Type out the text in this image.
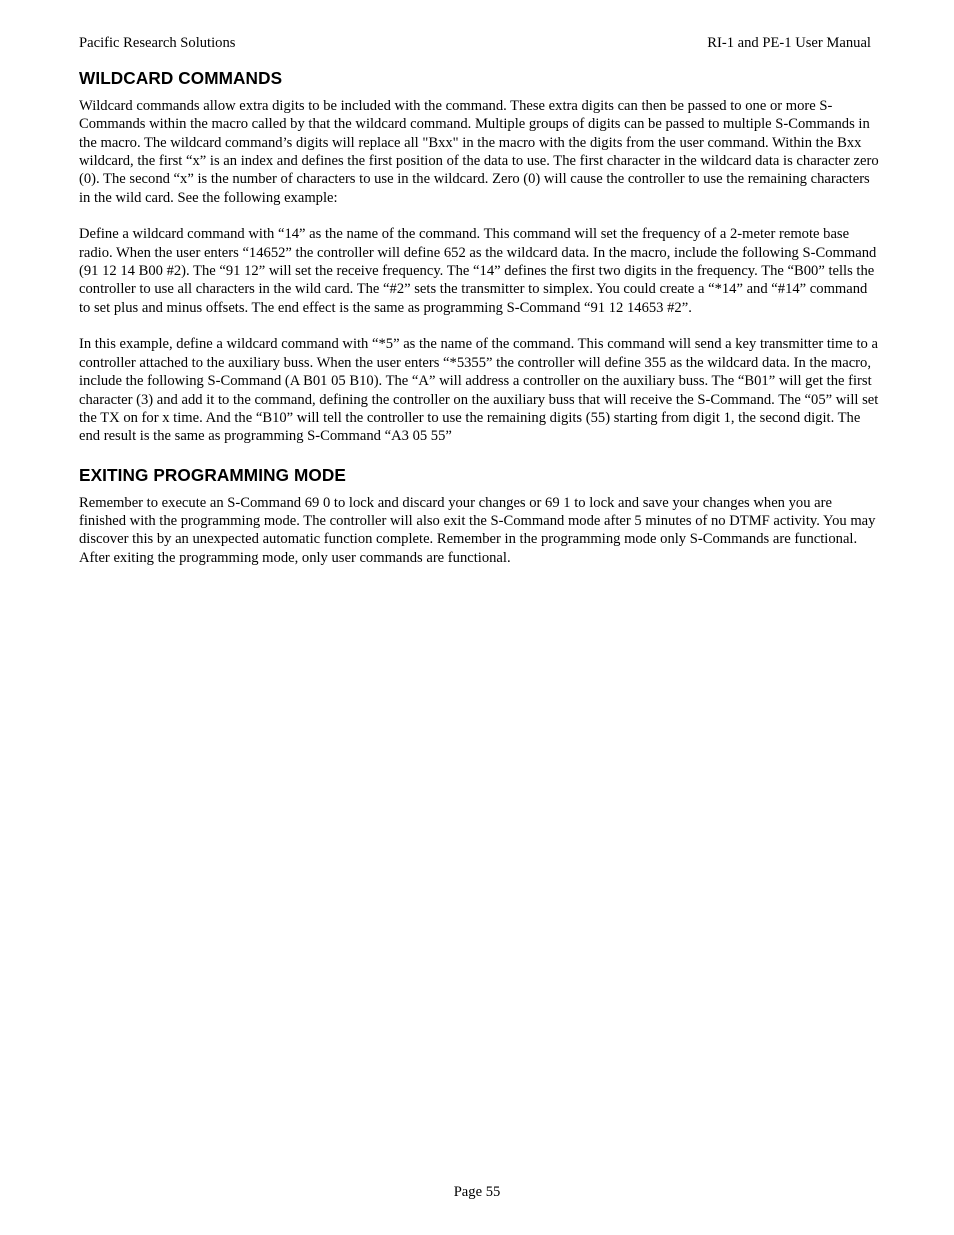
Pacific Research Solutions	RI-1 and PE-1 User Manual
WILDCARD COMMANDS

Wildcard commands allow extra digits to be included with the command. These extra digits can then be passed to one or more S-Commands within the macro called by that the wildcard command. Multiple groups of digits can be passed to multiple S-Commands in the macro. The wildcard command’s digits will replace all "Bxx" in the macro with the digits from the user command. Within the Bxx wildcard, the first “x” is an index and defines the first position of the data to use. The first character in the wildcard data is character zero (0). The second “x” is the number of characters to use in the wildcard. Zero (0) will cause the controller to use the remaining characters in the wild card. See the following example:

Define a wildcard command with “14” as the name of the command. This command will set the frequency of a 2-meter remote base radio. When the user enters “14652” the controller will define 652 as the wildcard data. In the macro, include the following S-Command (91 12 14 B00 #2). The “91 12” will set the receive frequency. The “14” defines the first two digits in the frequency. The “B00” tells the controller to use all characters in the wild card. The “#2” sets the transmitter to simplex. You could create a “*14” and “#14” command to set plus and minus offsets. The end effect is the same as programming S-Command “91 12 14653 #2”.

In this example, define a wildcard command with “*5” as the name of the command. This command will send a key transmitter time to a controller attached to the auxiliary buss. When the user enters “*5355” the controller will define 355 as the wildcard data. In the macro, include the following S-Command (A B01 05 B10). The “A” will address a controller on the auxiliary buss. The “B01” will get the first character (3) and add it to the command, defining the controller on the auxiliary buss that will receive the S-Command. The “05” will set the TX on for x time. And the “B10” will tell the controller to use the remaining digits (55) starting from digit 1, the second digit. The end result is the same as programming S-Command “A3 05 55”

EXITING PROGRAMMING MODE

Remember to execute an S-Command 69 0 to lock and discard your changes or 69 1 to lock and save your changes when you are finished with the programming mode. The controller will also exit the S-Command mode after 5 minutes of no DTMF activity. You may discover this by an unexpected automatic function complete. Remember in the programming mode only S-Commands are functional. After exiting the programming mode, only user commands are functional.

Page 55
